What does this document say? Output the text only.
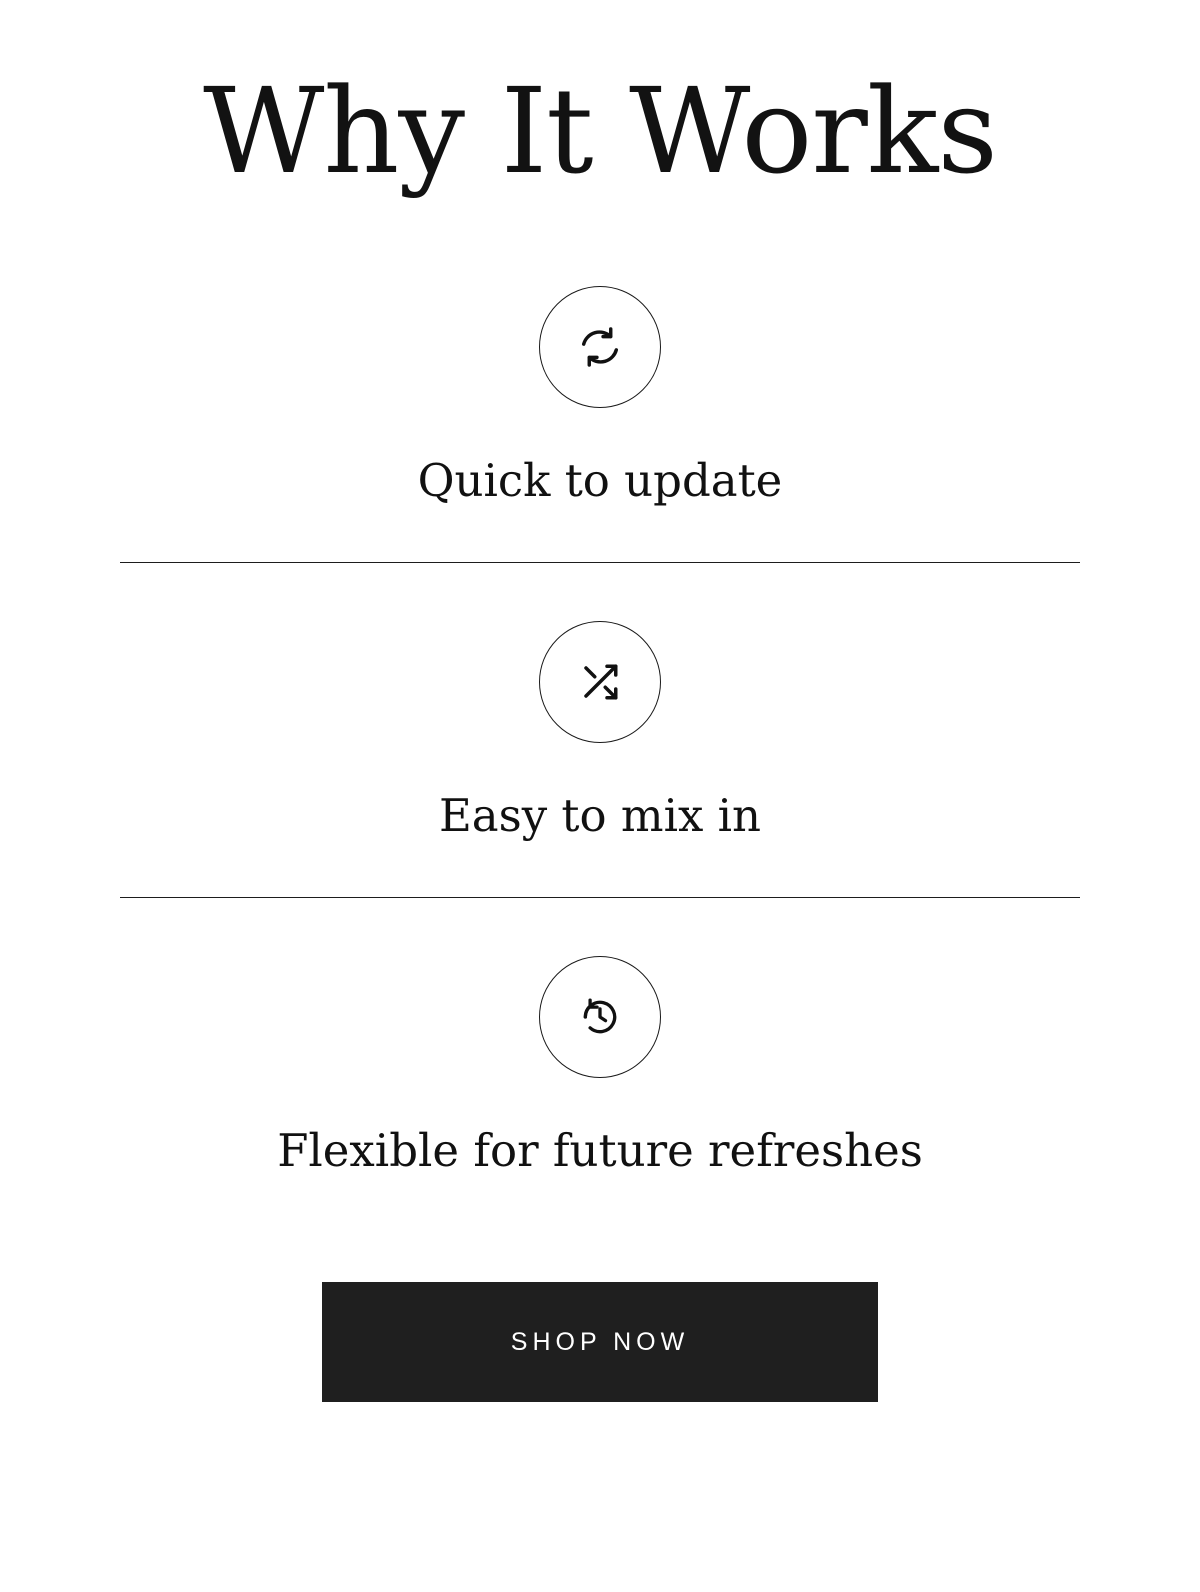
Why It Works
Quick to update
Easy to mix in
Flexible for future refreshes
SHOP NOW
